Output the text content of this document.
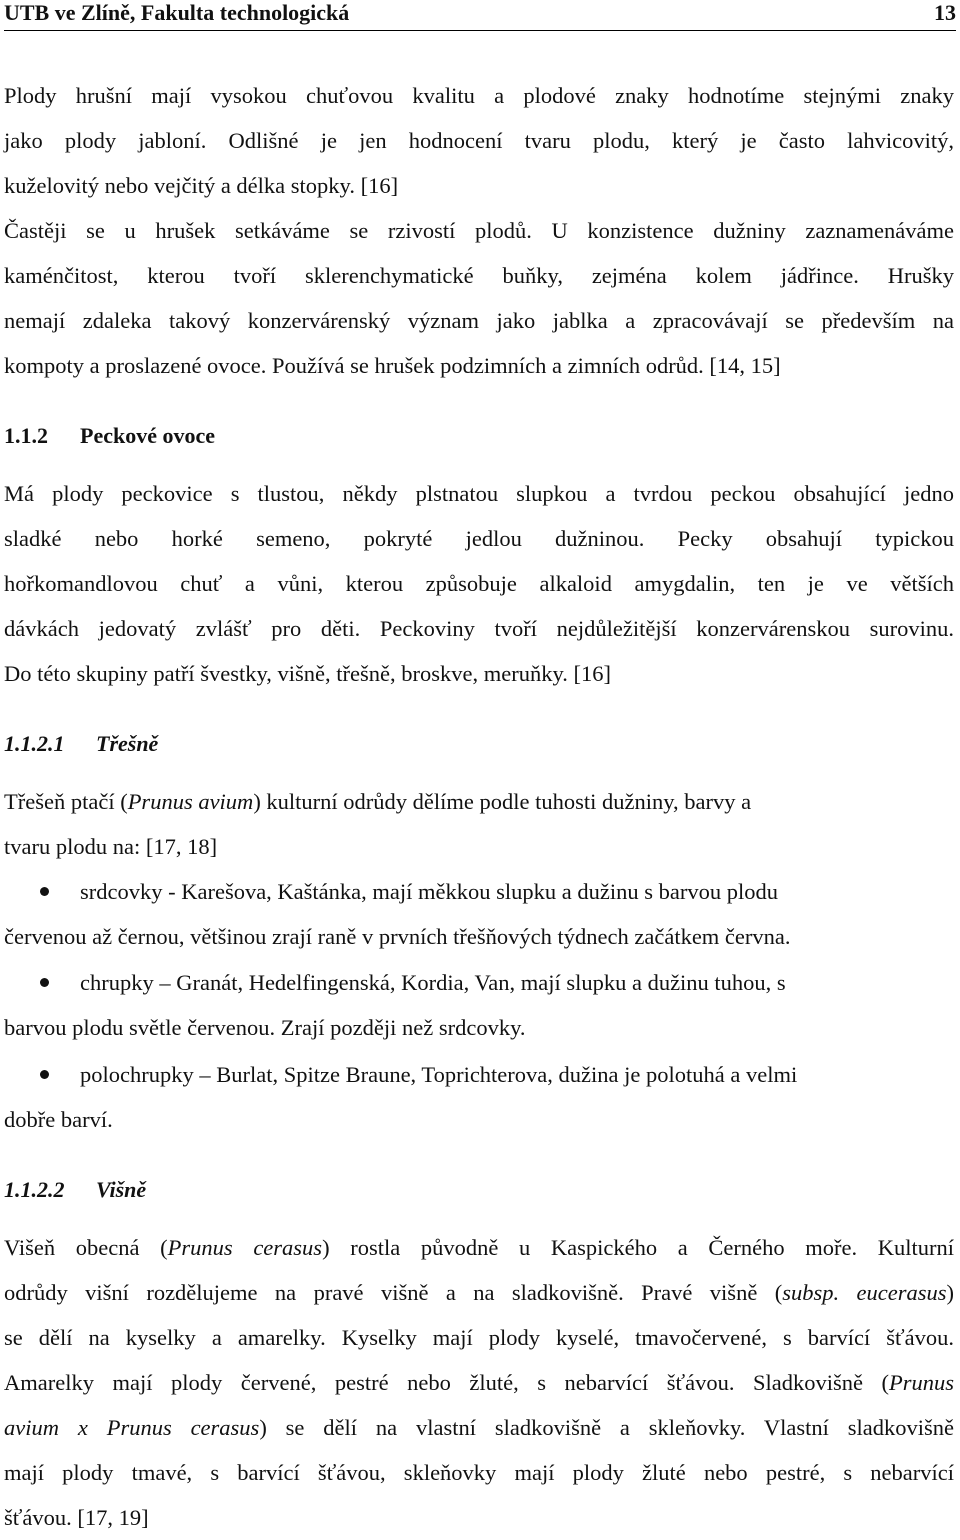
UTB ve Zlíně, Fakulta technologická	13
Plody hrušní mají vysokou chuťovou kvalitu a plodové znaky hodnotíme stejnými znaky
jako plody jabloní. Odlišné je jen hodnocení tvaru plodu, který je často lahvicovitý,
kuželovitý nebo vejčitý a délka stopky. [16]
Častěji se u hrušek setkáváme se rzivostí plodů. U konzistence dužniny zaznamenáváme
kaménčitost, kterou tvoří sklerenchymatické buňky, zejména kolem jádřince. Hrušky
nemají zdaleka takový konzervárenský význam jako jablka a zpracovávají se především na
kompoty a proslazené ovoce. Používá se hrušek podzimních a zimních odrůd. [14, 15]
1.1.2 Peckové ovoce
Má plody peckovice s tlustou, někdy plstnatou slupkou a tvrdou peckou obsahující jedno
sladké nebo horké semeno, pokryté jedlou dužninou. Pecky obsahují typickou
hořkomandlovou chuť a vůni, kterou způsobuje alkaloid amygdalin, ten je ve větších
dávkách jedovatý zvlášť pro děti. Peckoviny tvoří nejdůležitější konzervárenskou surovinu.
Do této skupiny patří švestky, višně, třešně, broskve, meruňky. [16]
1.1.2.1 Třešně
Třešeň ptačí (Prunus avium) kulturní odrůdy dělíme podle tuhosti dužniny, barvy a
tvaru plodu na: [17, 18]
srdcovky - Karešova, Kaštánka, mají měkkou slupku a dužinu s barvou plodu
červenou až černou, většinou zrají raně v prvních třešňových týdnech začátkem června.
chrupky – Granát, Hedelfingenská, Kordia, Van, mají slupku a dužinu tuhou, s
barvou plodu světle červenou. Zrají později než srdcovky.
polochrupky – Burlat, Spitze Braune, Toprichterova, dužina je polotuhá a velmi
dobře barví.
1.1.2.2 Višně
Višeň obecná (Prunus cerasus) rostla původně u Kaspického a Černého moře. Kulturní
odrůdy višní rozdělujeme na pravé višně a na sladkovišně. Pravé višně (subsp. eucerasus)
se dělí na kyselky a amarelky. Kyselky mají plody kyselé, tmavočervené, s barvící šťávou.
Amarelky mají plody červené, pestré nebo žluté, s nebarvící šťávou. Sladkovišně (Prunus
avium x Prunus cerasus) se dělí na vlastní sladkovišně a skleňovky. Vlastní sladkovišně
mají plody tmavé, s barvící šťávou, skleňovky mají plody žluté nebo pestré, s nebarvící
šťávou. [17, 19]
